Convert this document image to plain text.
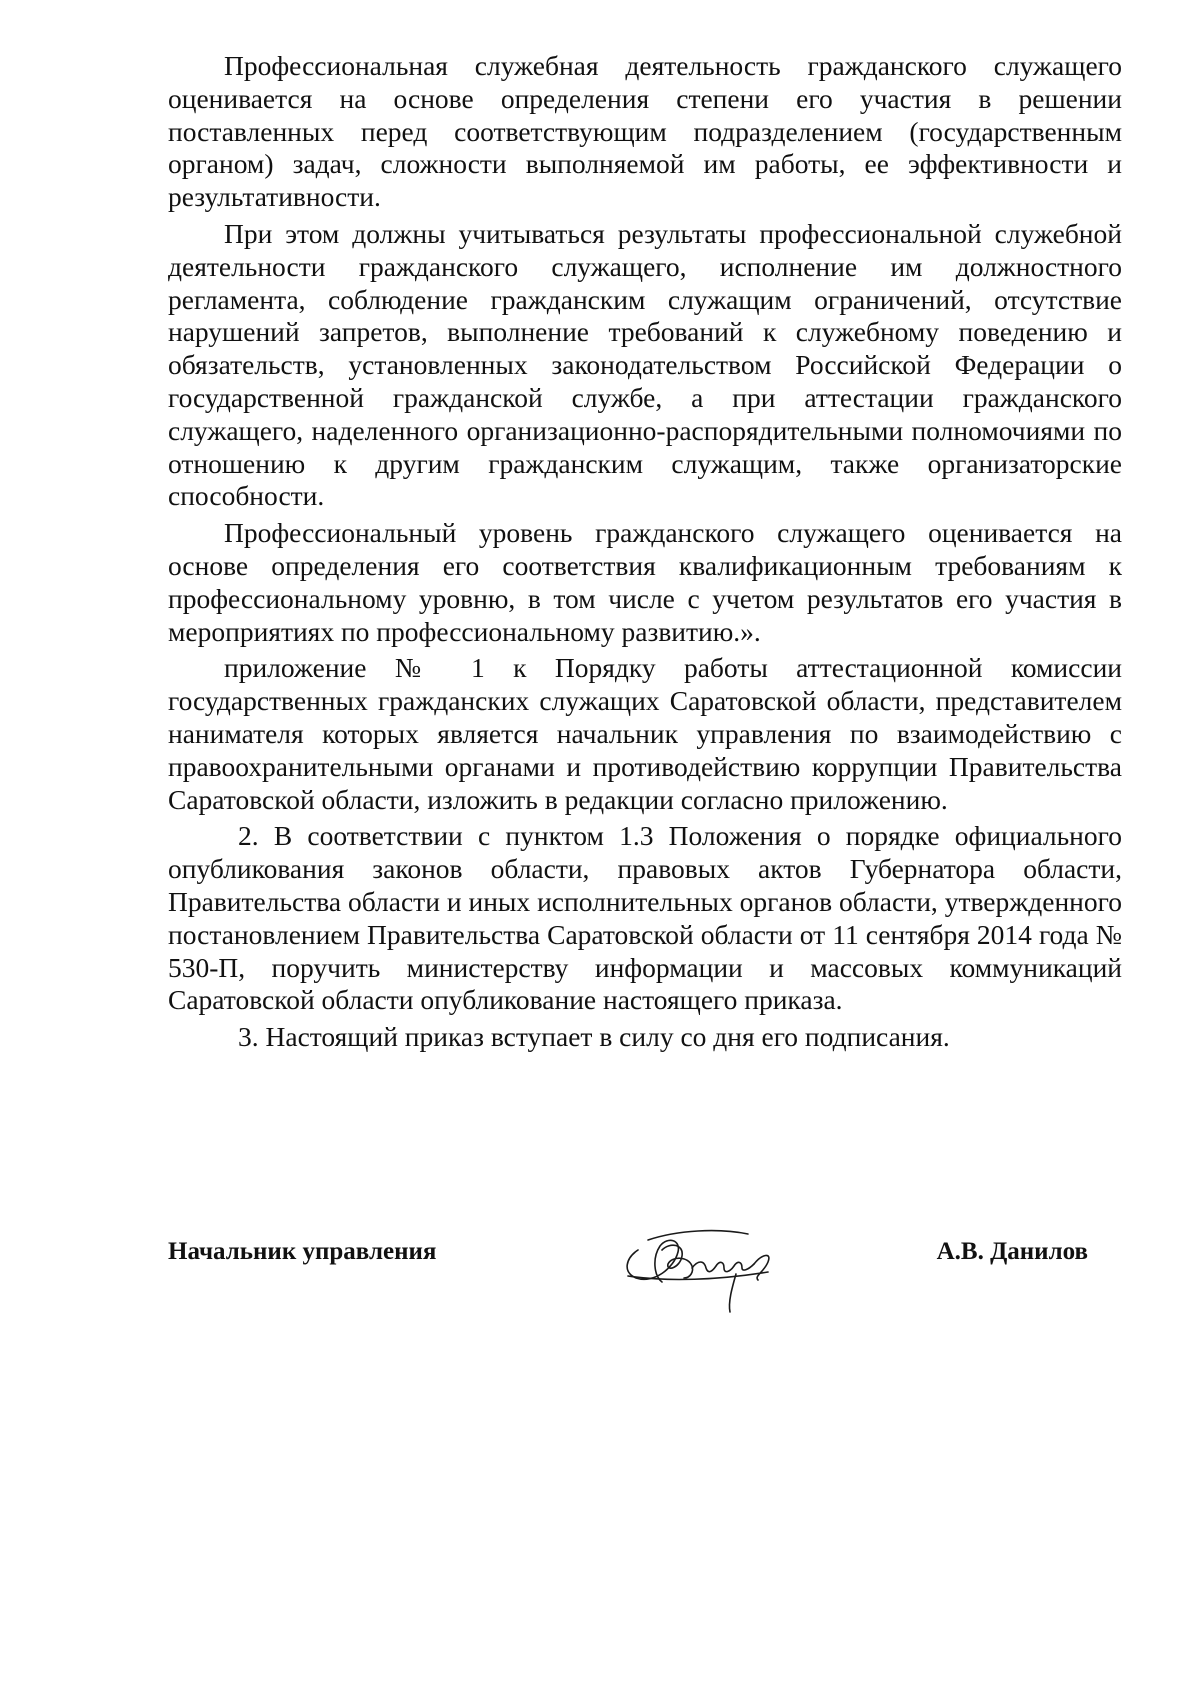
Профессиональная служебная деятельность гражданского служащего оценивается на основе определения степени его участия в решении поставленных перед соответствующим подразделением (государственным органом) задач, сложности выполняемой им работы, ее эффективности и результативности.

При этом должны учитываться результаты профессиональной служебной деятельности гражданского служащего, исполнение им должностного регламента, соблюдение гражданским служащим ограничений, отсутствие нарушений запретов, выполнение требований к служебному поведению и обязательств, установленных законодательством Российской Федерации о государственной гражданской службе, а при аттестации гражданского служащего, наделенного организационно-распорядительными полномочиями по отношению к другим гражданским служащим, также организаторские способности.

Профессиональный уровень гражданского служащего оценивается на основе определения его соответствия квалификационным требованиям к профессиональному уровню, в том числе с учетом результатов его участия в мероприятиях по профессиональному развитию.».

приложение № 1 к Порядку работы аттестационной комиссии государственных гражданских служащих Саратовской области, представителем нанимателя которых является начальник управления по взаимодействию с правоохранительными органами и противодействию коррупции Правительства Саратовской области, изложить в редакции согласно приложению.

2. В соответствии с пунктом 1.3 Положения о порядке официального опубликования законов области, правовых актов Губернатора области, Правительства области и иных исполнительных органов области, утвержденного постановлением Правительства Саратовской области от 11 сентября 2014 года № 530-П, поручить министерству информации и массовых коммуникаций Саратовской области опубликование настоящего приказа.

3. Настоящий приказ вступает в силу со дня его подписания.

Начальник управления	А.В. Данилов
